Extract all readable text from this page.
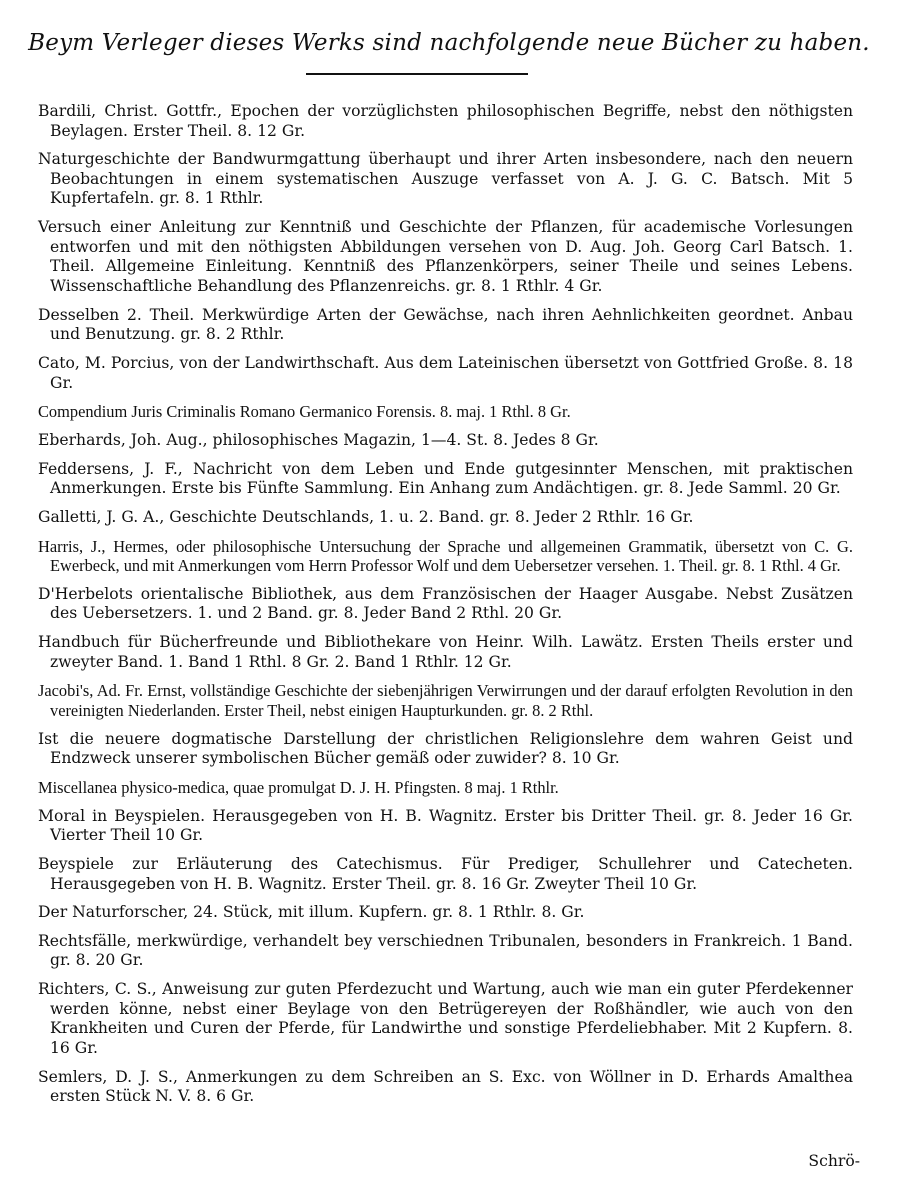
Beym Verleger dieses Werks sind nachfolgende neue Bücher zu haben.

Bardili, Christ. Gottfr., Epochen der vorzüglichsten philosophischen Begriffe, nebst den nöthigsten Beylagen. Erster Theil. 8. 12 Gr.

Naturgeschichte der Bandwurmgattung überhaupt und ihrer Arten insbesondere, nach den neuern Beobachtungen in einem systematischen Auszuge verfasset von A. J. G. C. Batsch. Mit 5 Kupfertafeln. gr. 8. 1 Rthlr.

Versuch einer Anleitung zur Kenntniß und Geschichte der Pflanzen, für academische Vorlesungen entworfen und mit den nöthigsten Abbildungen versehen von D. Aug. Joh. Georg Carl Batsch. 1. Theil. Allgemeine Einleitung. Kenntniß des Pflanzenkörpers, seiner Theile und seines Lebens. Wissenschaftliche Behandlung des Pflanzenreichs. gr. 8. 1 Rthlr. 4 Gr.

Desselben 2. Theil. Merkwürdige Arten der Gewächse, nach ihren Aehnlichkeiten geordnet. Anbau und Benutzung. gr. 8. 2 Rthlr.

Cato, M. Porcius, von der Landwirthschaft. Aus dem Lateinischen übersetzt von Gottfried Große. 8. 18 Gr.

Compendium Juris Criminalis Romano Germanico Forensis. 8. maj. 1 Rthl. 8 Gr.

Eberhards, Joh. Aug., philosophisches Magazin, 1—4. St. 8. Jedes 8 Gr.

Feddersens, J. F., Nachricht von dem Leben und Ende gutgesinnter Menschen, mit praktischen Anmerkungen. Erste bis Fünfte Sammlung. Ein Anhang zum Andächtigen. gr. 8. Jede Samml. 20 Gr.

Galletti, J. G. A., Geschichte Deutschlands, 1. u. 2. Band. gr. 8. Jeder 2 Rthlr. 16 Gr.

Harris, J., Hermes, oder philosophische Untersuchung der Sprache und allgemeinen Grammatik, übersetzt von C. G. Ewerbeck, und mit Anmerkungen vom Herrn Professor Wolf und dem Uebersetzer versehen. 1. Theil. gr. 8. 1 Rthl. 4 Gr.

D'Herbelots orientalische Bibliothek, aus dem Französischen der Haager Ausgabe. Nebst Zusätzen des Uebersetzers. 1. und 2 Band. gr. 8. Jeder Band 2 Rthl. 20 Gr.

Handbuch für Bücherfreunde und Bibliothekare von Heinr. Wilh. Lawätz. Ersten Theils erster und zweyter Band. 1. Band 1 Rthl. 8 Gr. 2. Band 1 Rthlr. 12 Gr.

Jacobi's, Ad. Fr. Ernst, vollständige Geschichte der siebenjährigen Verwirrungen und der darauf erfolgten Revolution in den vereinigten Niederlanden. Erster Theil, nebst einigen Haupturkunden. gr. 8. 2 Rthl.

Ist die neuere dogmatische Darstellung der christlichen Religionslehre dem wahren Geist und Endzweck unserer symbolischen Bücher gemäß oder zuwider? 8. 10 Gr.

Miscellanea physico-medica, quae promulgat D. J. H. Pfingsten. 8 maj. 1 Rthlr.

Moral in Beyspielen. Herausgegeben von H. B. Wagnitz. Erster bis Dritter Theil. gr. 8. Jeder 16 Gr. Vierter Theil 10 Gr.

Beyspiele zur Erläuterung des Catechismus. Für Prediger, Schullehrer und Catecheten. Herausgegeben von H. B. Wagnitz. Erster Theil. gr. 8. 16 Gr. Zweyter Theil 10 Gr.

Der Naturforscher, 24. Stück, mit illum. Kupfern. gr. 8. 1 Rthlr. 8. Gr.

Rechtsfälle, merkwürdige, verhandelt bey verschiednen Tribunalen, besonders in Frankreich. 1 Band. gr. 8. 20 Gr.

Richters, C. S., Anweisung zur guten Pferdezucht und Wartung, auch wie man ein guter Pferdekenner werden könne, nebst einer Beylage von den Betrügereyen der Roßhändler, wie auch von den Krankheiten und Curen der Pferde, für Landwirthe und sonstige Pferdeliebhaber. Mit 2 Kupfern. 8. 16 Gr.

Semlers, D. J. S., Anmerkungen zu dem Schreiben an S. Exc. von Wöllner in D. Erhards Amalthea ersten Stück N. V. 8. 6 Gr.

Schrö-
